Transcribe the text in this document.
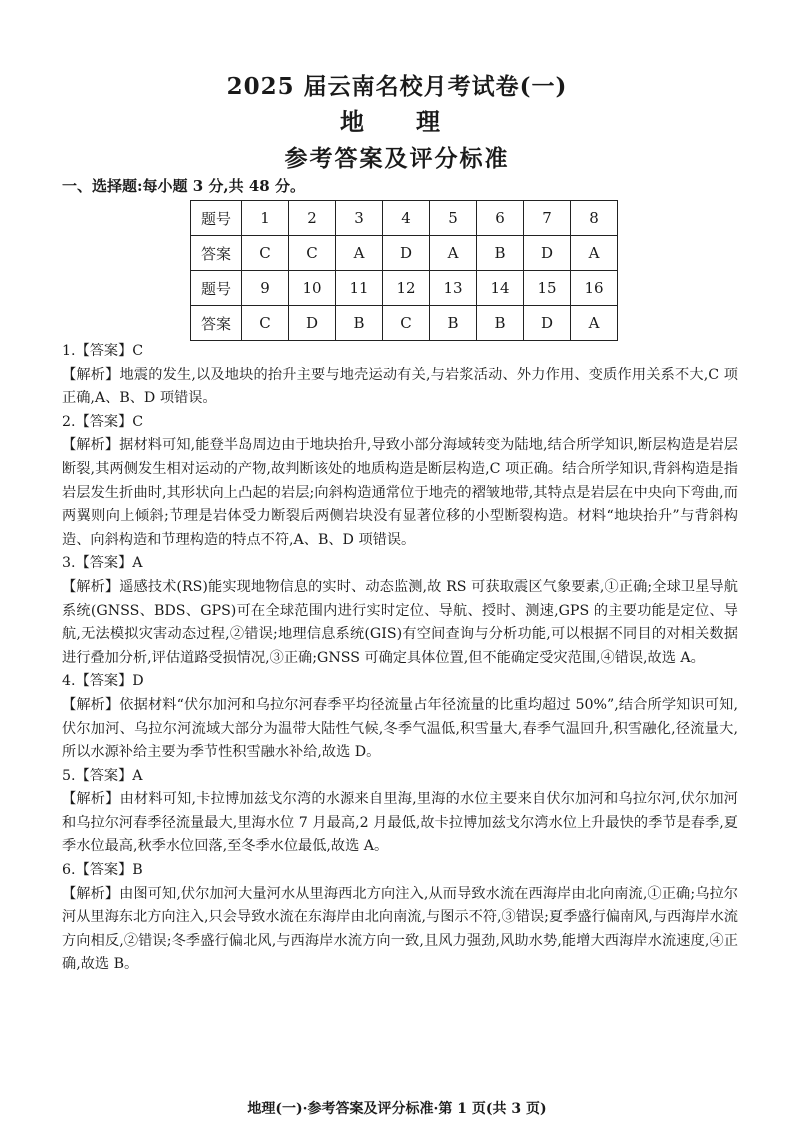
2025 届云南名校月考试卷(一)
地　理
参考答案及评分标准
一、选择题:每小题 3 分,共 48 分。
题号	1	2	3	4	5	6	7	8
答案	C	C	A	D	A	B	D	A
题号	9	10	11	12	13	14	15	16
答案	C	D	B	C	B	B	D	A
1.【答案】C
【解析】地震的发生,以及地块的抬升主要与地壳运动有关,与岩浆活动、外力作用、变质作用关系不大,C 项正确,A、B、D 项错误。
2.【答案】C
【解析】据材料可知,能登半岛周边由于地块抬升,导致小部分海域转变为陆地,结合所学知识,断层构造是岩层断裂,其两侧发生相对运动的产物,故判断该处的地质构造是断层构造,C 项正确。结合所学知识,背斜构造是指岩层发生折曲时,其形状向上凸起的岩层;向斜构造通常位于地壳的褶皱地带,其特点是岩层在中央向下弯曲,而两翼则向上倾斜;节理是岩体受力断裂后两侧岩块没有显著位移的小型断裂构造。材料“地块抬升”与背斜构造、向斜构造和节理构造的特点不符,A、B、D 项错误。
3.【答案】A
【解析】遥感技术(RS)能实现地物信息的实时、动态监测,故 RS 可获取震区气象要素,①正确;全球卫星导航系统(GNSS、BDS、GPS)可在全球范围内进行实时定位、导航、授时、测速,GPS 的主要功能是定位、导航,无法模拟灾害动态过程,②错误;地理信息系统(GIS)有空间查询与分析功能,可以根据不同目的对相关数据进行叠加分析,评估道路受损情况,③正确;GNSS 可确定具体位置,但不能确定受灾范围,④错误,故选 A。
4.【答案】D
【解析】依据材料“伏尔加河和乌拉尔河春季平均径流量占年径流量的比重均超过 50%”,结合所学知识可知,伏尔加河、乌拉尔河流域大部分为温带大陆性气候,冬季气温低,积雪量大,春季气温回升,积雪融化,径流量大,所以水源补给主要为季节性积雪融水补给,故选 D。
5.【答案】A
【解析】由材料可知,卡拉博加兹戈尔湾的水源来自里海,里海的水位主要来自伏尔加河和乌拉尔河,伏尔加河和乌拉尔河春季径流量最大,里海水位 7 月最高,2 月最低,故卡拉博加兹戈尔湾水位上升最快的季节是春季,夏季水位最高,秋季水位回落,至冬季水位最低,故选 A。
6.【答案】B
【解析】由图可知,伏尔加河大量河水从里海西北方向注入,从而导致水流在西海岸由北向南流,①正确;乌拉尔河从里海东北方向注入,只会导致水流在东海岸由北向南流,与图示不符,③错误;夏季盛行偏南风,与西海岸水流方向相反,②错误;冬季盛行偏北风,与西海岸水流方向一致,且风力强劲,风助水势,能增大西海岸水流速度,④正确,故选 B。
地理(一)·参考答案及评分标准·第 1 页(共 3 页)
